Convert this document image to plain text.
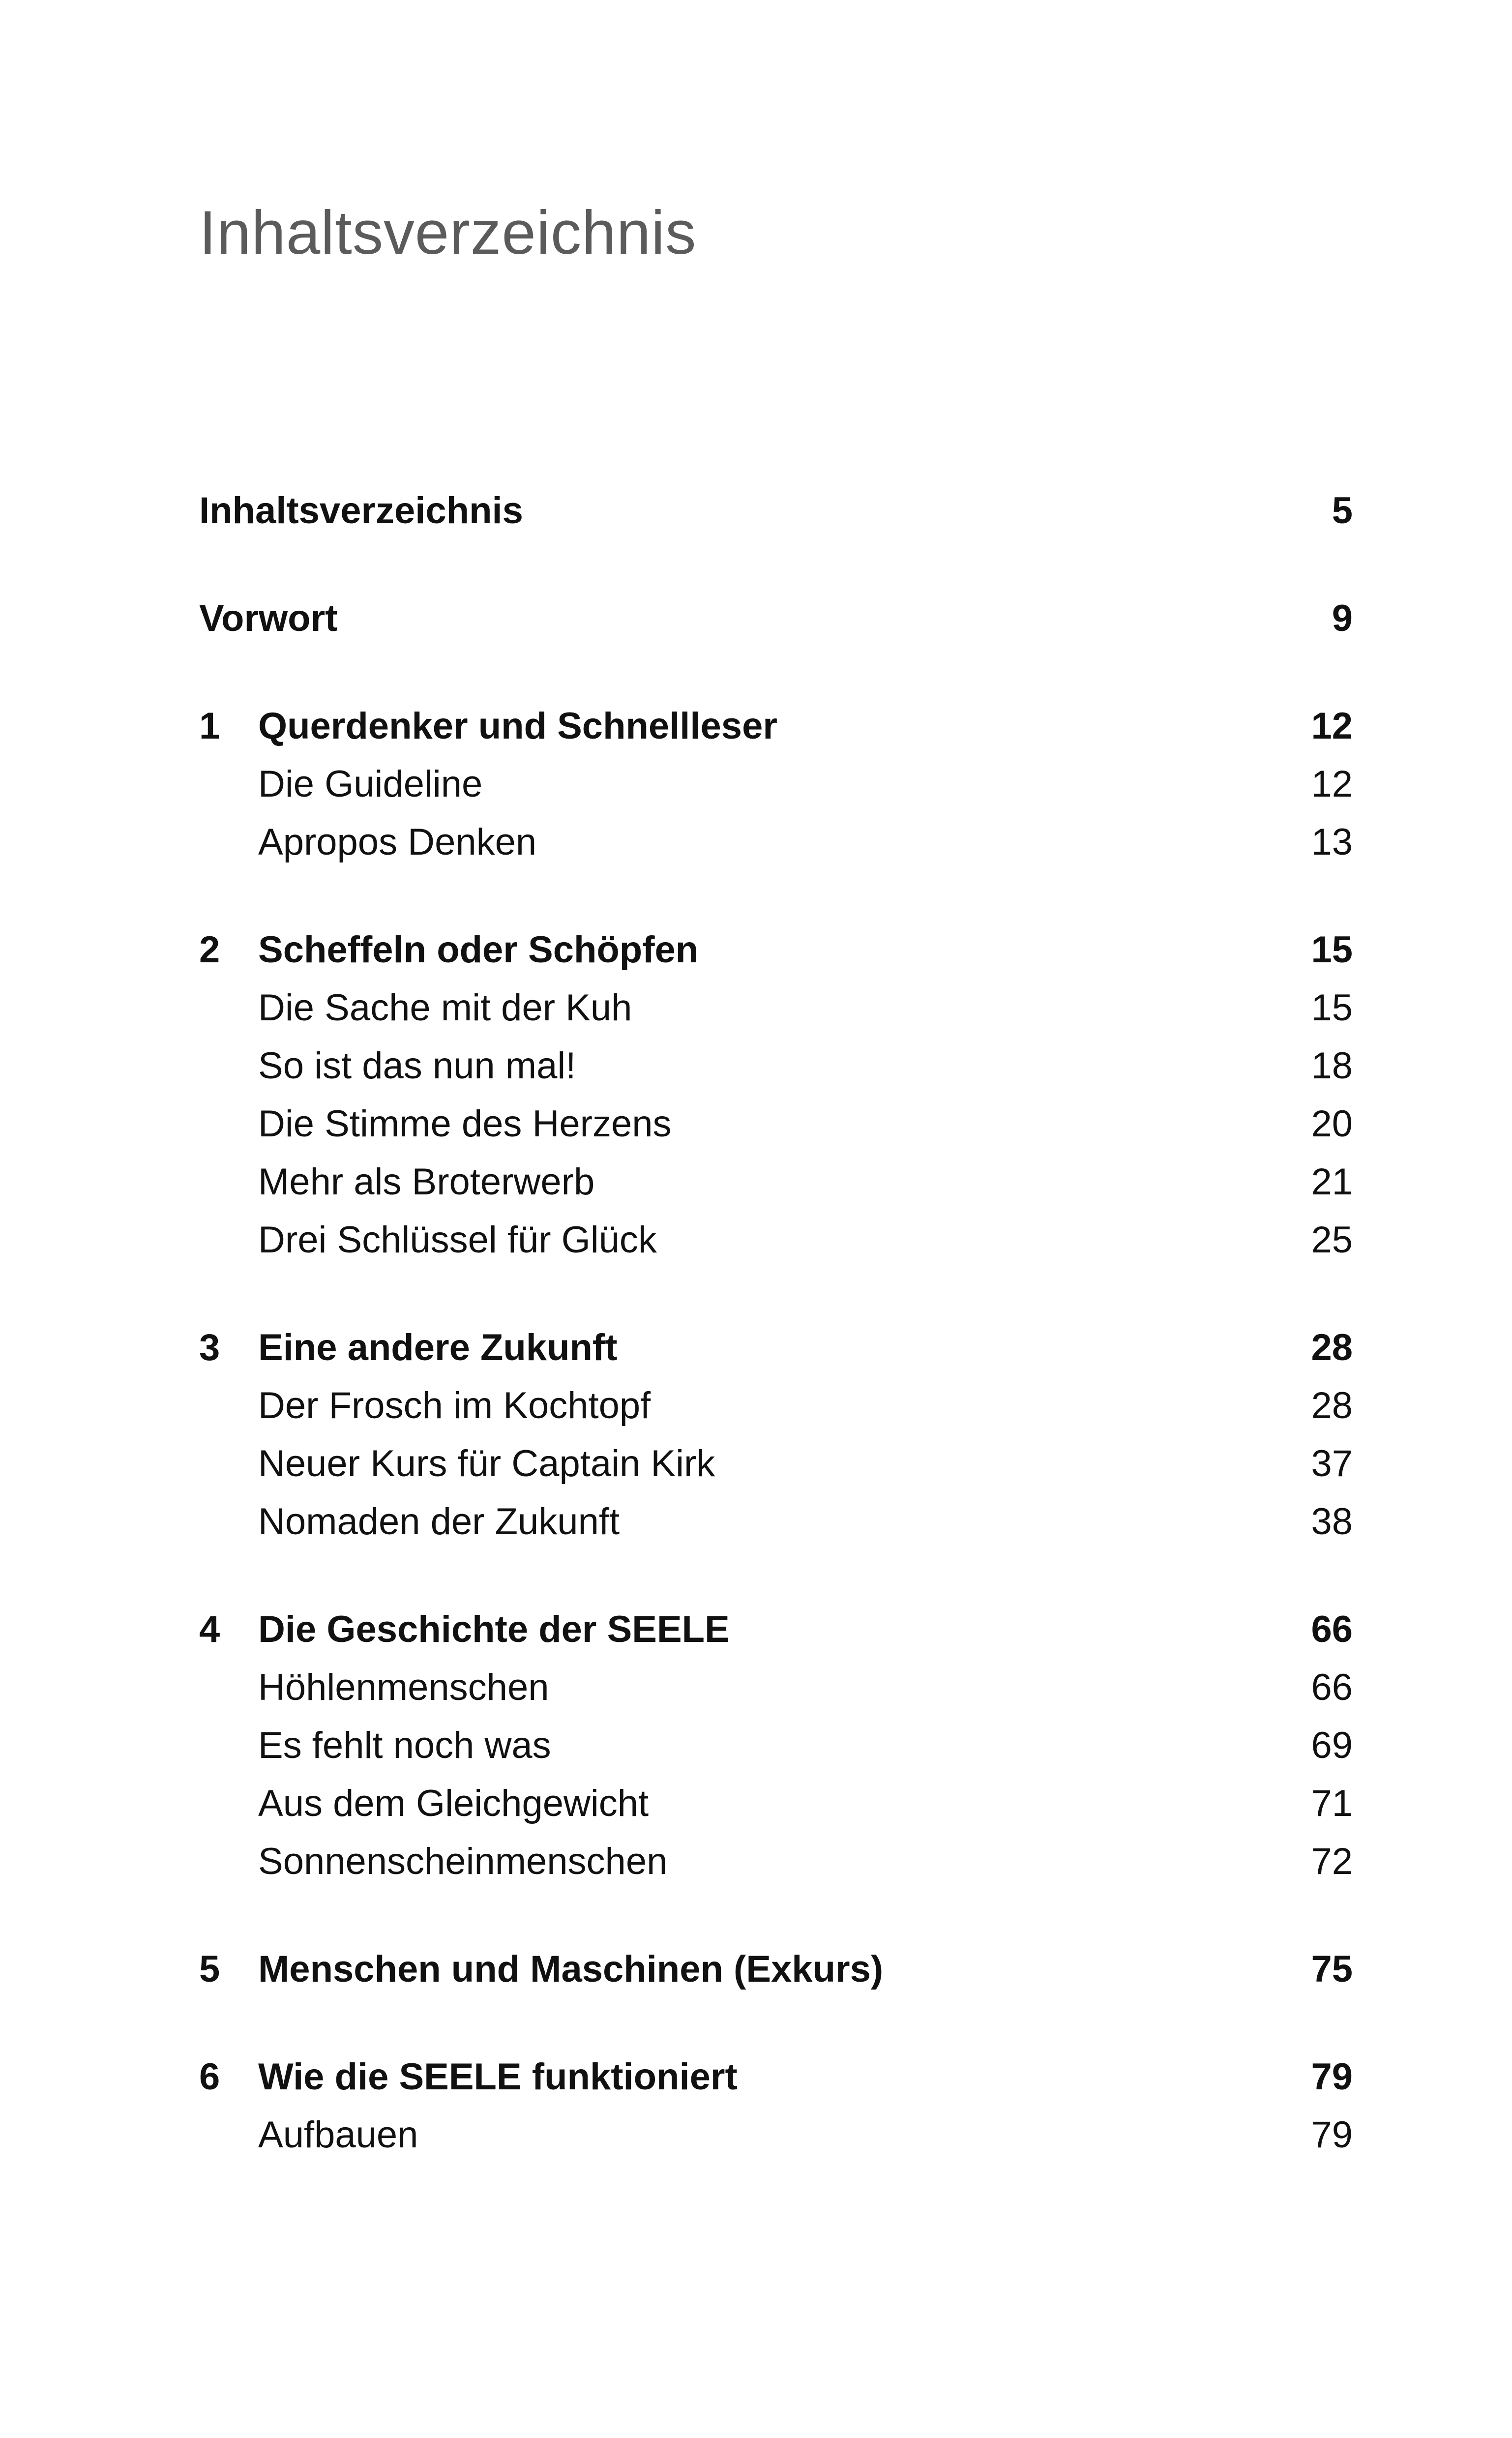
Inhaltsverzeichnis
Inhaltsverzeichnis	5
Vorwort	9
1 Querdenker und Schnellleser	12
Die Guideline	12
Apropos Denken	13
2 Scheffeln oder Schöpfen	15
Die Sache mit der Kuh	15
So ist das nun mal!	18
Die Stimme des Herzens	20
Mehr als Broterwerb	21
Drei Schlüssel für Glück	25
3 Eine andere Zukunft	28
Der Frosch im Kochtopf	28
Neuer Kurs für Captain Kirk	37
Nomaden der Zukunft	38
4 Die Geschichte der SEELE	66
Höhlenmenschen	66
Es fehlt noch was	69
Aus dem Gleichgewicht	71
Sonnenscheinmenschen	72
5 Menschen und Maschinen (Exkurs)	75
6 Wie die SEELE funktioniert	79
Aufbauen	79
